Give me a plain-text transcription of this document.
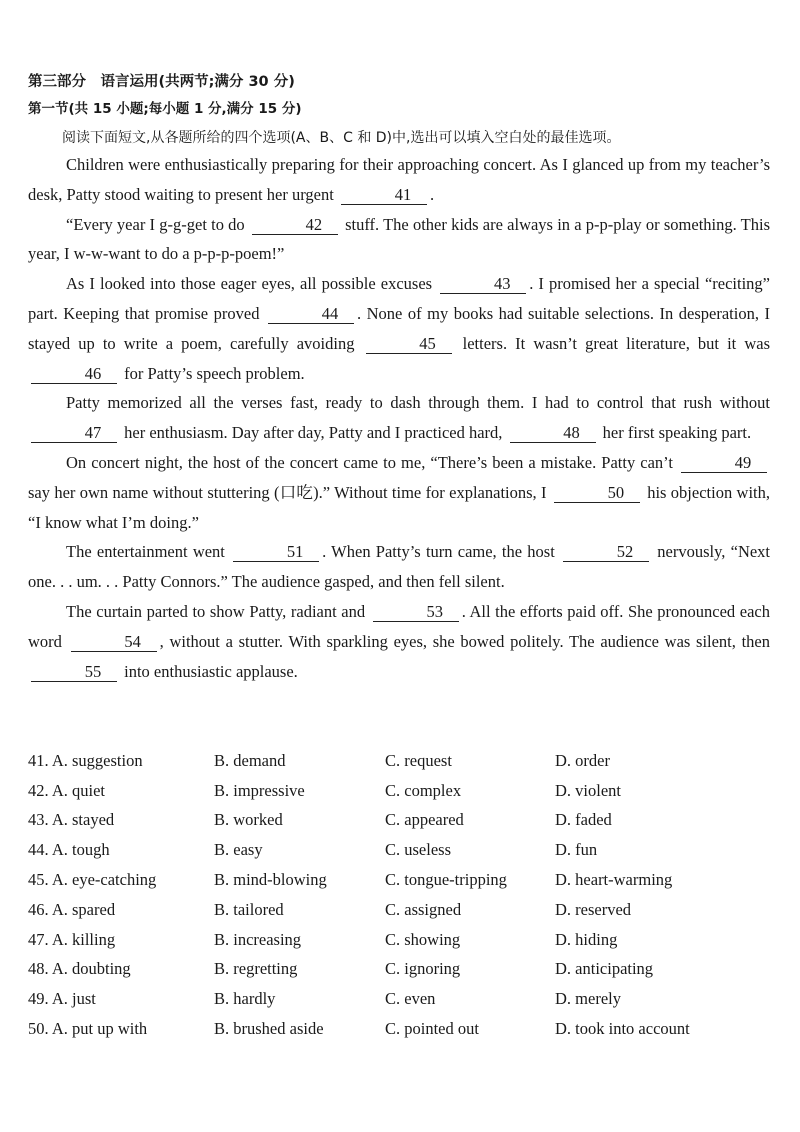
第三部分　语言运用(共两节;满分 30 分)
第一节(共 15 小题;每小题 1 分,满分 15 分)
阅读下面短文,从各题所给的四个选项(A、B、C 和 D)中,选出可以填入空白处的最佳选项。

Children were enthusiastically preparing for their approaching concert. As I glanced up from my teacher’s desk, Patty stood waiting to present her urgent	41 .

“Every year I g-g-get to do	42 stuff. The other kids are always in a p-p-play or something. This year, I w-w-want to do a p-p-p-poem!”

As I looked into those eager eyes, all possible excuses	43 . I promised her a special “reciting” part. Keeping that promise proved	44 . None of my books had suitable selections. In desperation, I stayed up to write a poem, carefully avoiding	45 letters. It wasn’t great literature, but it was 46 for Patty’s speech problem.

Patty memorized all the verses fast, ready to dash through them. I had to control that rush without 47 her enthusiasm. Day after day, Patty and I practiced hard,	48 her first speaking part.

On concert night, the host of the concert came to me, “There’s been a mistake. Patty can’t	49 say her own name without stuttering (口吃).” Without time for explanations, I	50 his objection with, “I know what I’m doing.”

The entertainment went	51 . When Patty’s turn came, the host	52 nervously, “Next one. . . um. . . Patty Connors.” The audience gasped, and then fell silent.

The curtain parted to show Patty, radiant and	53 . All the efforts paid off. She pronounced each word	54 , without a stutter. With sparkling eyes, she bowed politely. The audience was silent, then 55 into enthusiastic applause.

41. A. suggestion	B. demand	C. request	D. order
42. A. quiet	B. impressive	C. complex	D. violent
43. A. stayed	B. worked	C. appeared	D. faded
44. A. tough	B. easy	C. useless	D. fun
45. A. eye-catching	B. mind-blowing	C. tongue-tripping	D. heart-warming
46. A. spared	B. tailored	C. assigned	D. reserved
47. A. killing	B. increasing	C. showing	D. hiding
48. A. doubting	B. regretting	C. ignoring	D. anticipating
49. A. just	B. hardly	C. even	D. merely
50. A. put up with	B. brushed aside	C. pointed out	D. took into account
